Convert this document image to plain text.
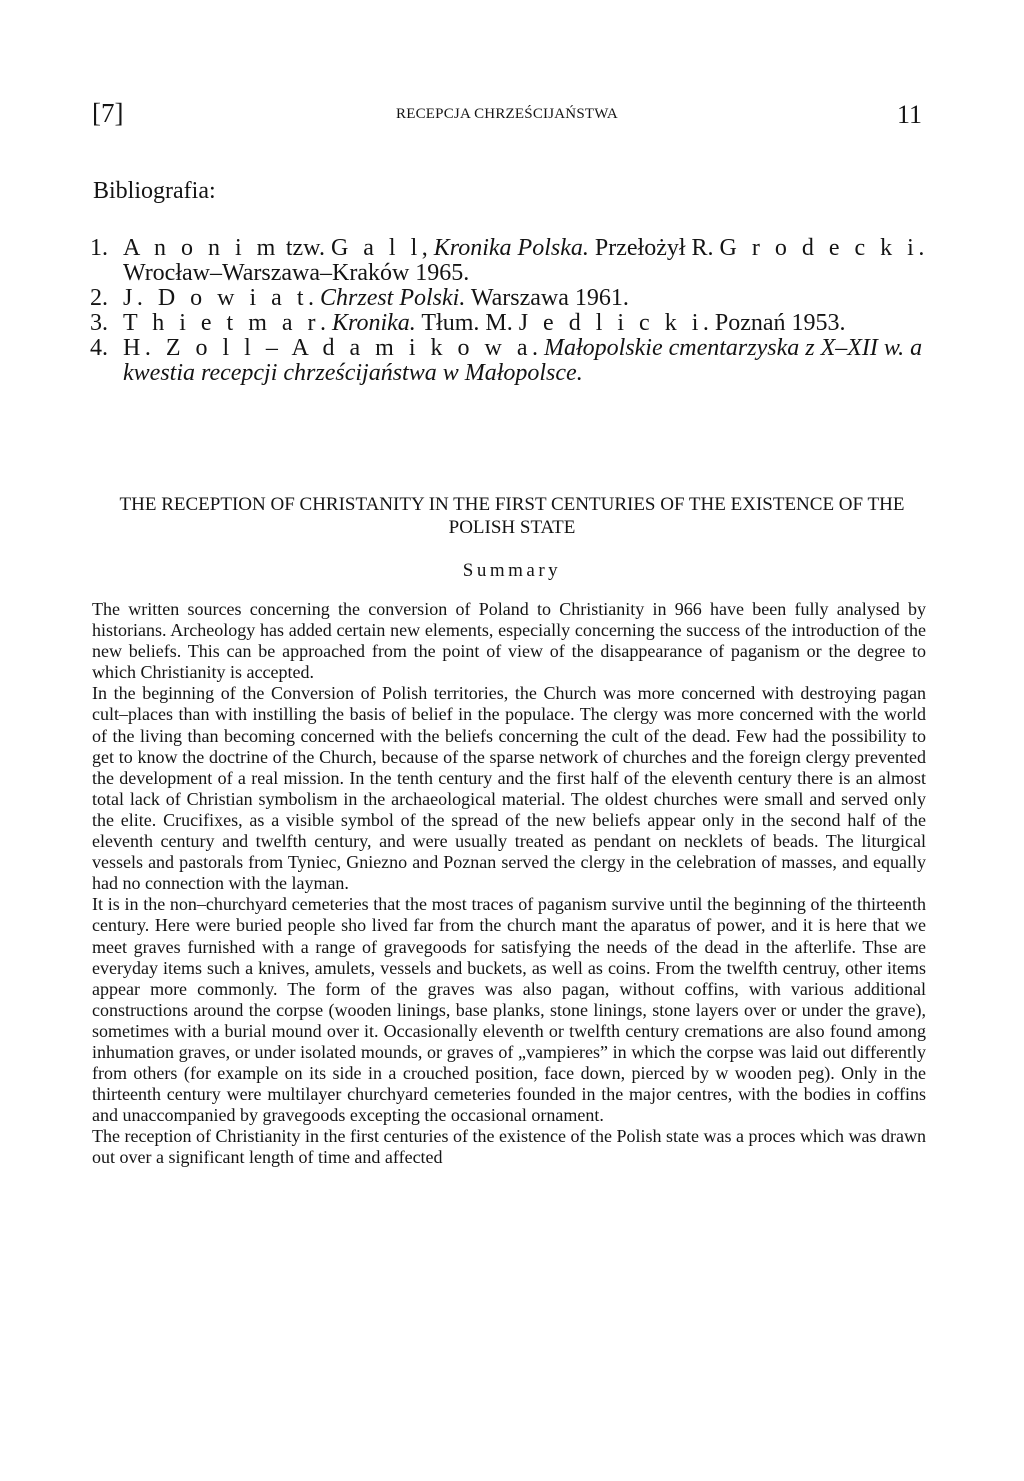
[7]	RECEPCJA CHRZEŚCIJAŃSTWA	11
Bibliografia:
1. A n o n i m tzw. G a l l, Kronika Polska. Przełożył R. G r o d e c k i. Wrocław–Warszawa–Kraków 1965.
2. J. D o w i a t. Chrzest Polski. Warszawa 1961.
3. T h i e t m a r. Kronika. Tłum. M. J e d l i c k i. Poznań 1953.
4. H. Z o l l – A d a m i k o w a. Małopolskie cmentarzyska z X–XII w. a kwestia recepcji chrześcijaństwa w Małopolsce.
THE RECEPTION OF CHRISTANITY IN THE FIRST CENTURIES OF THE EXISTENCE OF THE POLISH STATE
Summary

The written sources concerning the conversion of Poland to Christianity in 966 have been fully analysed by historians. Archeology has added certain new elements, especially concerning the success of the introduction of the new beliefs. This can be approached from the point of view of the disappearance of paganism or the degree to which Christianity is accepted.

In the beginning of the Conversion of Polish territories, the Church was more concerned with destroying pagan cult–places than with instilling the basis of belief in the populace. The clergy was more concerned with the world of the living than becoming concerned with the beliefs concerning the cult of the dead. Few had the possibility to get to know the doctrine of the Church, because of the sparse network of churches and the foreign clergy prevented the development of a real mission. In the tenth century and the first half of the eleventh century there is an almost total lack of Christian symbolism in the archaeological material. The oldest churches were small and served only the elite. Crucifixes, as a visible symbol of the spread of the new beliefs appear only in the second half of the eleventh century and twelfth century, and were usually treated as pendant on necklets of beads. The liturgical vessels and pastorals from Tyniec, Gniezno and Poznan served the clergy in the celebration of masses, and equally had no connection with the layman.

It is in the non–churchyard cemeteries that the most traces of paganism survive until the beginning of the thirteenth century. Here were buried people sho lived far from the church mant the aparatus of power, and it is here that we meet graves furnished with a range of gravegoods for satisfying the needs of the dead in the afterlife. Thse are everyday items such a knives, amulets, vessels and buckets, as well as coins. From the twelfth centruy, other items appear more commonly. The form of the graves was also pagan, without coffins, with various additional constructions around the corpse (wooden linings, base planks, stone linings, stone layers over or under the grave), sometimes with a burial mound over it. Occasionally eleventh or twelfth century cremations are also found among inhumation graves, or under isolated mounds, or graves of „vampieres” in which the corpse was laid out differently from others (for example on its side in a crouched position, face down, pierced by w wooden peg). Only in the thirteenth century were multilayer churchyard cemeteries founded in the major centres, with the bodies in coffins and unaccompanied by gravegoods excepting the occasional ornament.

The reception of Christianity in the first centuries of the existence of the Polish state was a proces which was drawn out over a significant length of time and affected
